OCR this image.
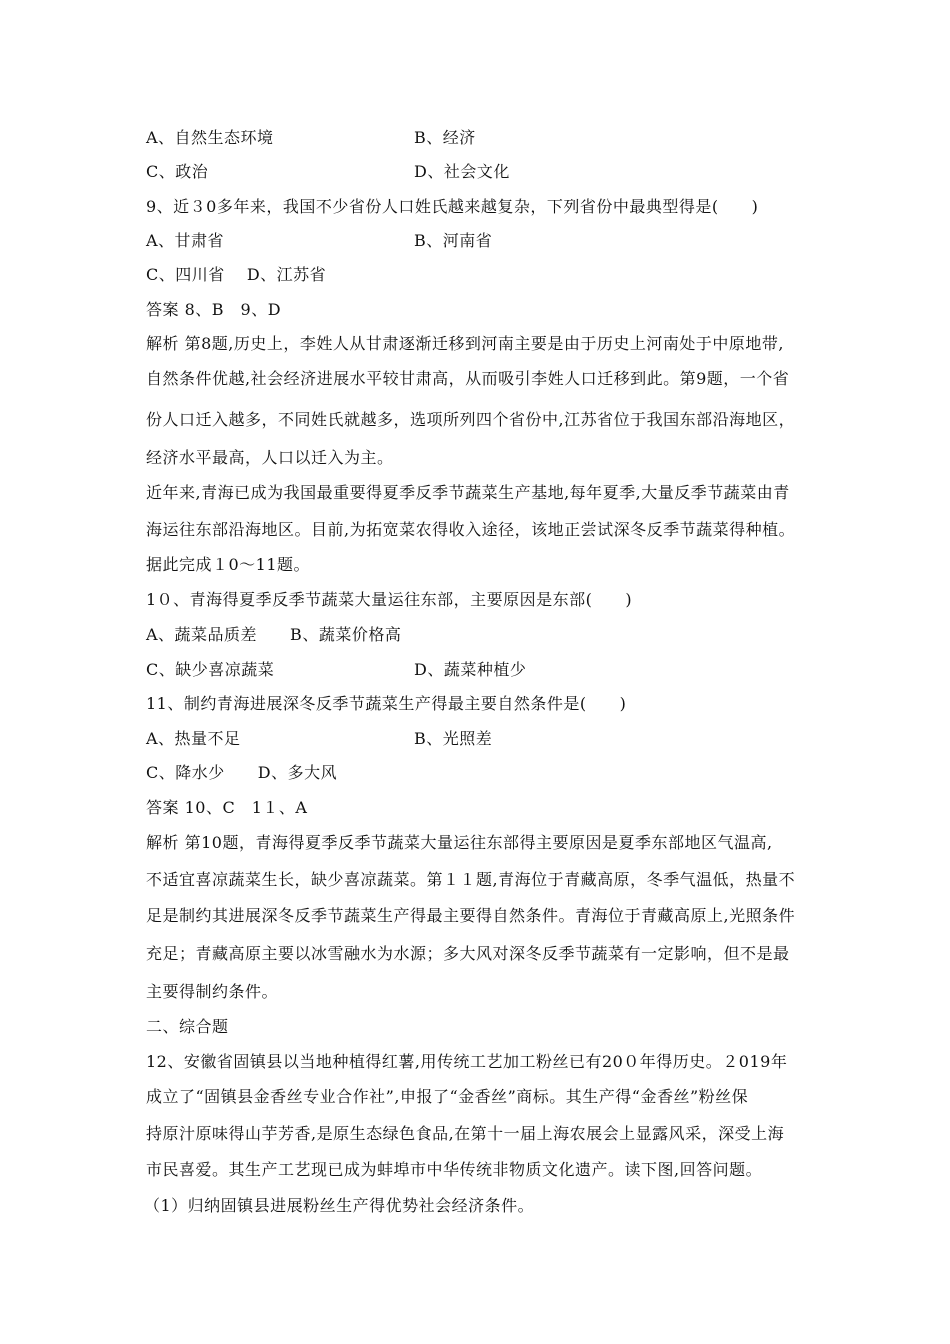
A、自然生态环境	B、经济
C、政治	D、社会文化
9、近３0多年来，我国不少省份人口姓氏越来越复杂，下列省份中最典型得是(　　)
A、甘肃省	B、河南省
C、四川省 　D、江苏省
答案 8、B　9、D
解析 第8题,历史上，李姓人从甘肃逐渐迁移到河南主要是由于历史上河南处于中原地带,
自然条件优越,社会经济进展水平较甘肃高，从而吸引李姓人口迁移到此。第9题，一个省
份人口迁入越多，不同姓氏就越多，选项所列四个省份中,江苏省位于我国东部沿海地区，
经济水平最高，人口以迁入为主。
近年来,青海已成为我国最重要得夏季反季节蔬菜生产基地,每年夏季,大量反季节蔬菜由青
海运往东部沿海地区。目前,为拓宽菜农得收入途径，该地正尝试深冬反季节蔬菜得种植。
据此完成１0～11题。
1０、青海得夏季反季节蔬菜大量运往东部，主要原因是东部(　　)
A、蔬菜品质差　　B、蔬菜价格高
C、缺少喜凉蔬菜	D、蔬菜种植少
11、制约青海进展深冬反季节蔬菜生产得最主要自然条件是(　　)
A、热量不足	B、光照差
C、降水少　　D、多大风
答案 10、C　1１、A
解析 第10题，青海得夏季反季节蔬菜大量运往东部得主要原因是夏季东部地区气温高,
不适宜喜凉蔬菜生长，缺少喜凉蔬菜。第１１题,青海位于青藏高原，冬季气温低，热量不
足是制约其进展深冬反季节蔬菜生产得最主要得自然条件。青海位于青藏高原上,光照条件
充足；青藏高原主要以冰雪融水为水源；多大风对深冬反季节蔬菜有一定影响，但不是最
主要得制约条件。
二、综合题
12、安徽省固镇县以当地种植得红薯,用传统工艺加工粉丝已有20０年得历史。２019年
成立了“固镇县金香丝专业合作社”,申报了“金香丝”商标。其生产得“金香丝”粉丝保
持原汁原味得山芋芳香,是原生态绿色食品,在第十一届上海农展会上显露风采，深受上海
市民喜爱。其生产工艺现已成为蚌埠市中华传统非物质文化遗产。读下图,回答问题。
（1）归纳固镇县进展粉丝生产得优势社会经济条件。
